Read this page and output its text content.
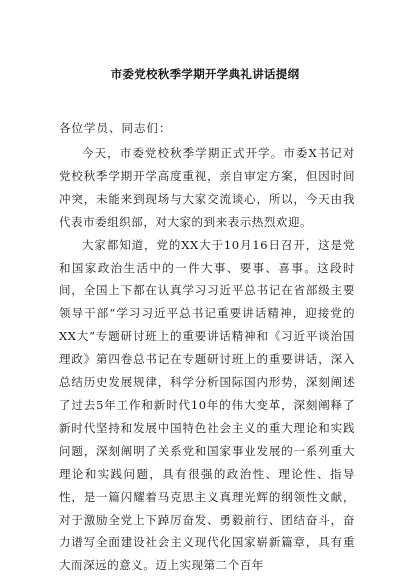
市委党校秋季学期开学典礼讲话提纲
各位学员、同志们：

今天，市委党校秋季学期正式开学。市委X书记对党校秋季学期开学高度重视，亲自审定方案，但因时间冲突，未能来到现场与大家交流谈心，所以，今天由我代表市委组织部，对大家的到来表示热烈欢迎。

大家都知道，党的XX大于10月16日召开，这是党和国家政治生活中的一件大事、要事、喜事。这段时间，全国上下都在认真学习习近平总书记在省部级主要领导干部“学习习近平总书记重要讲话精神，迎接党的XX大”专题研讨班上的重要讲话精神和《习近平谈治国理政》第四卷总书记在专题研讨班上的重要讲话，深入总结历史发展规律，科学分析国际国内形势，深刻阐述了过去5年工作和新时代10年的伟大变革，深刻阐释了新时代坚持和发展中国特色社会主义的重大理论和实践问题，深刻阐明了关系党和国家事业发展的一系列重大理论和实践问题，具有很强的政治性、理论性、指导性，是一篇闪耀着马克思主义真理光辉的纲领性文献，对于激励全党上下踔厉奋发、勇毅前行、团结奋斗，奋力谱写全面建设社会主义现代化国家崭新篇章，具有重大而深远的意义。迈上实现第二个百年
